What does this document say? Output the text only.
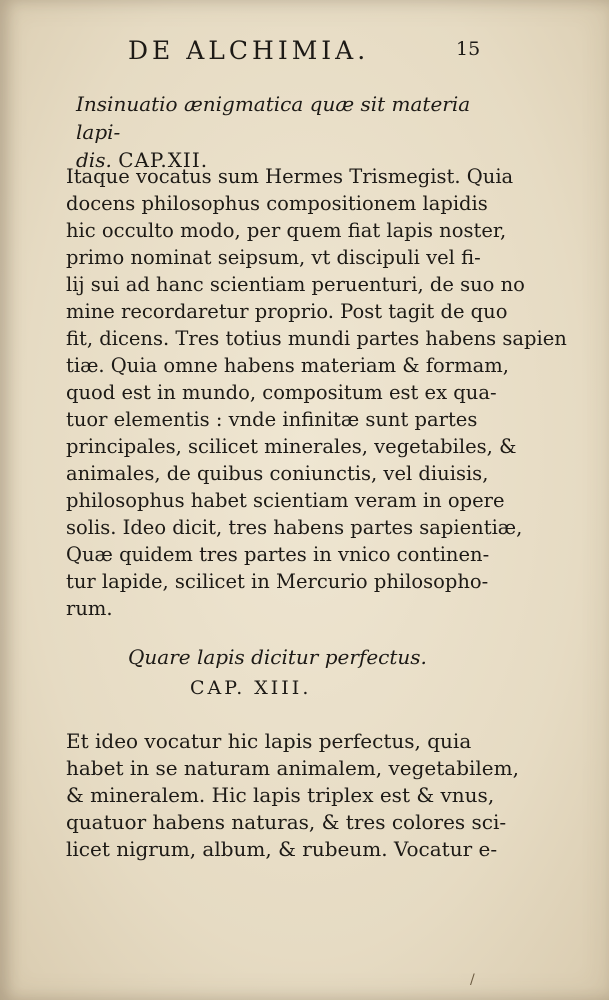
DE ALCHIMIA.	15
Insinuatio ænigmatica quæ sit materia lapi-
dis. CAP.XII.

Itaque vocatus sum Hermes Trismegist. Quia
docens philosophus compositionem lapidis
hic occulto modo, per quem fiat lapis noster,
primo nominat seipsum, vt discipuli vel fi-
lij sui ad hanc scientiam peruenturi, de suo no
mine recordaretur proprio. Post tagit de quo
fit, dicens. Tres totius mundi partes habens sapien
tiæ. Quia omne habens materiam & formam,
quod est in mundo, compositum est ex qua-
tuor elementis : vnde infinitæ sunt partes
principales, scilicet minerales, vegetabiles, &
animales, de quibus coniunctis, vel diuisis,
philosophus habet scientiam veram in opere
solis. Ideo dicit, tres habens partes sapientiæ,
Quæ quidem tres partes in vnico continen-
tur lapide, scilicet in Mercurio philosopho-
rum.

Quare lapis dicitur perfectus.
CAP. XIII.

Et ideo vocatur hic lapis perfectus, quia
habet in se naturam animalem, vegetabilem,
& mineralem. Hic lapis triplex est & vnus,
quatuor habens naturas, & tres colores sci-
licet nigrum, album, & rubeum. Vocatur e-

/
